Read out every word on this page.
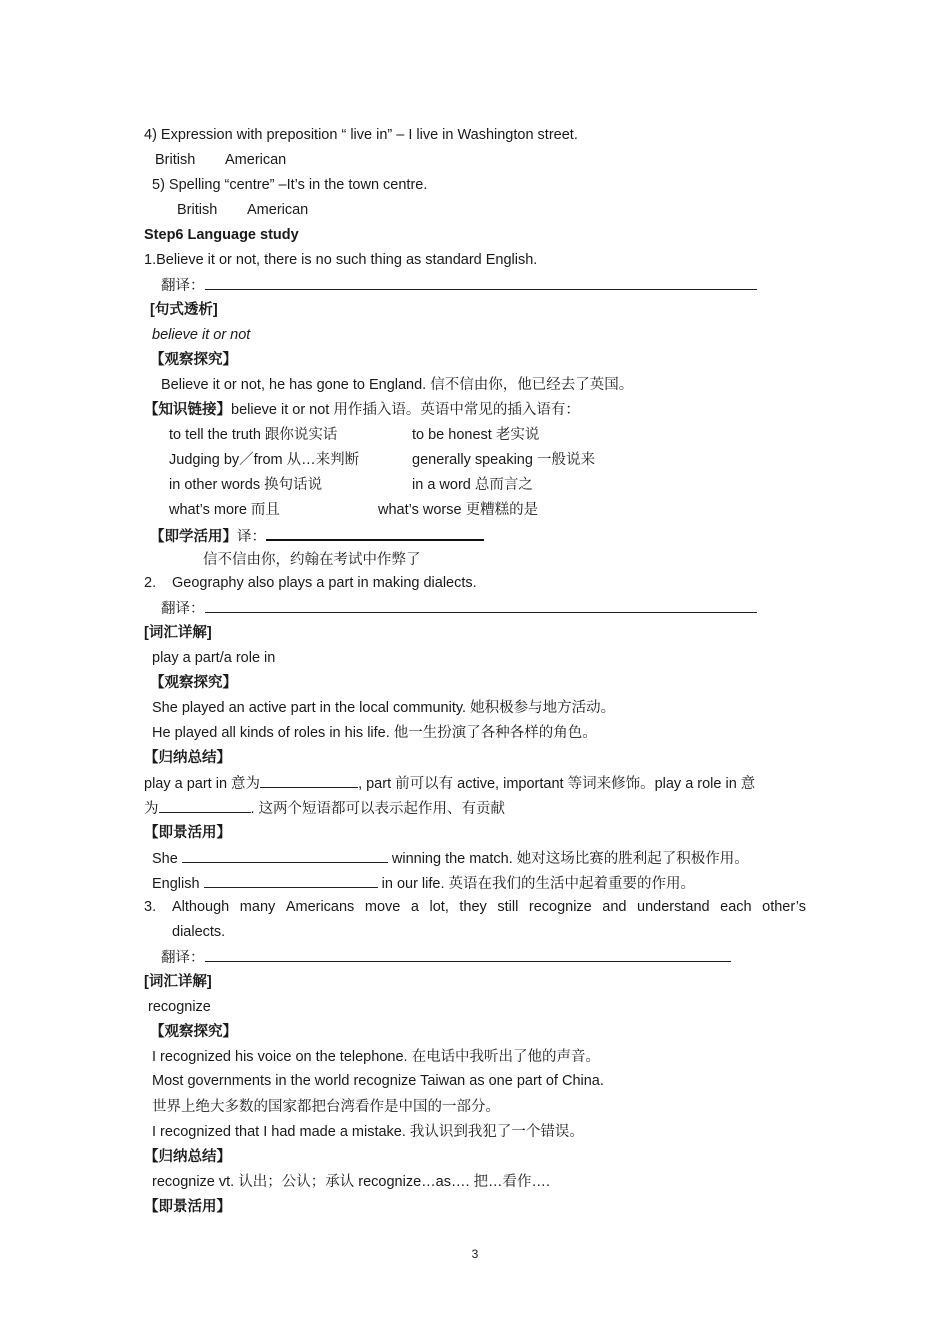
4) Expression with preposition “ live in” – I live in Washington street.
British American
5) Spelling “centre” –It’s in the town centre.
British American
Step6 Language study
1.Believe it or not, there is no such thing as standard English.
翻译：
[句式透析]
believe it or not
【观察探究】
Believe it or not, he has gone to England. 信不信由你，他已经去了英国。
【知识链接】believe it or not 用作插入语。英语中常见的插入语有：
to tell the truth 跟你说实话	to be honest 老实说
Judging by／from 从…来判断	generally speaking 一般说来
in other words 换句话说	in a word 总而言之
what’s more 而且	what’s worse 更糟糕的是
【即学活用】译：
信不信由你，约翰在考试中作弊了
2. Geography also plays a part in making dialects.
翻译：
[词汇详解]
play a part/a role in
【观察探究】
She played an active part in the local community. 她积极参与地方活动。
He played all kinds of roles in his life. 他一生扮演了各种各样的角色。
【归纳总结】
play a part in 意为	, part 前可以有 active, important 等词来修饰。play a role in 意
为	. 这两个短语都可以表示起作用、有贡献
【即景活用】
She	winning the match. 她对这场比赛的胜利起了积极作用。
English	in our life. 英语在我们的生活中起着重要的作用。
3. Although many Americans move a lot, they still recognize and understand each other’s
dialects.
翻译：
[词汇详解]
recognize
【观察探究】
I recognized his voice on the telephone. 在电话中我听出了他的声音。
Most governments in the world recognize Taiwan as one part of China.
世界上绝大多数的国家都把台湾看作是中国的一部分。
I recognized that I had made a mistake. 我认识到我犯了一个错误。
【归纳总结】
recognize vt. 认出；公认；承认 recognize…as…. 把…看作….
【即景活用】
3
